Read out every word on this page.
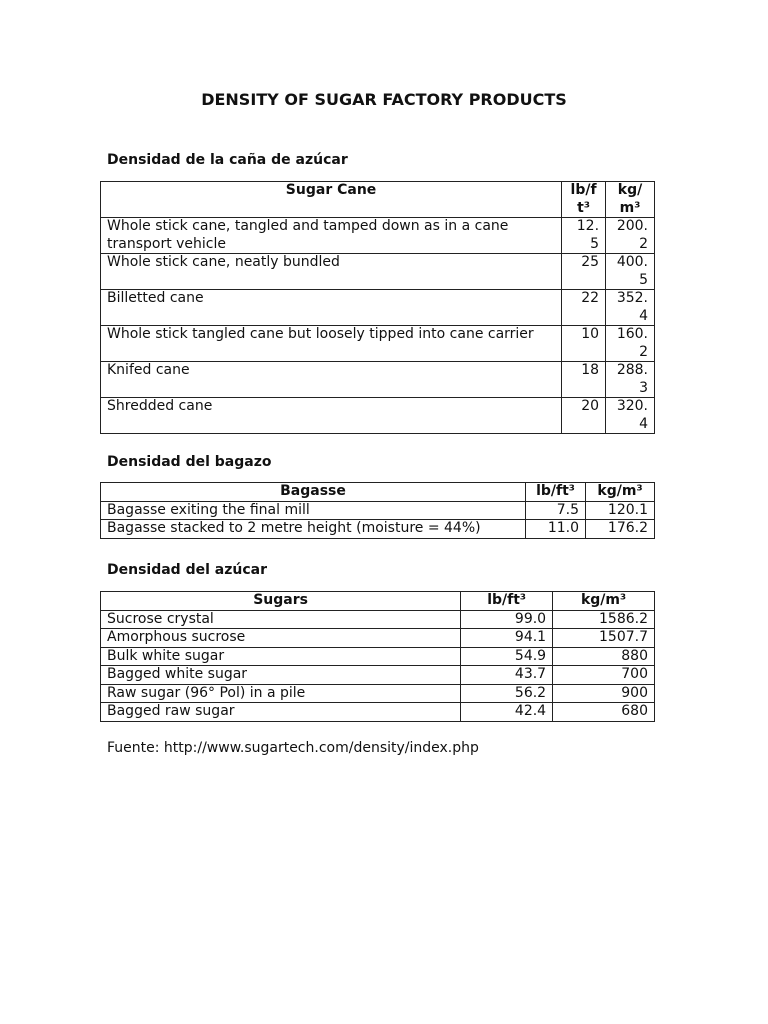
DENSITY OF SUGAR FACTORY PRODUCTS
Densidad de la caña de azúcar
Sugar Cane	lb/ft³	kg/m³
Whole stick cane, tangled and tamped down as in a cane transport vehicle	12.5	200.2
Whole stick cane, neatly bundled	25	400.5
Billetted cane	22	352.4
Whole stick tangled cane but loosely tipped into cane carrier	10	160.2
Knifed cane	18	288.3
Shredded cane	20	320.4
Densidad del bagazo
Bagasse	lb/ft³	kg/m³
Bagasse exiting the final mill	7.5	120.1
Bagasse stacked to 2 metre height (moisture = 44%)	11.0	176.2
Densidad del azúcar
Sugars	lb/ft³	kg/m³
Sucrose crystal	99.0	1586.2
Amorphous sucrose	94.1	1507.7
Bulk white sugar	54.9	880
Bagged white sugar	43.7	700
Raw sugar (96° Pol) in a pile	56.2	900
Bagged raw sugar	42.4	680

Fuente: http://www.sugartech.com/density/index.php
